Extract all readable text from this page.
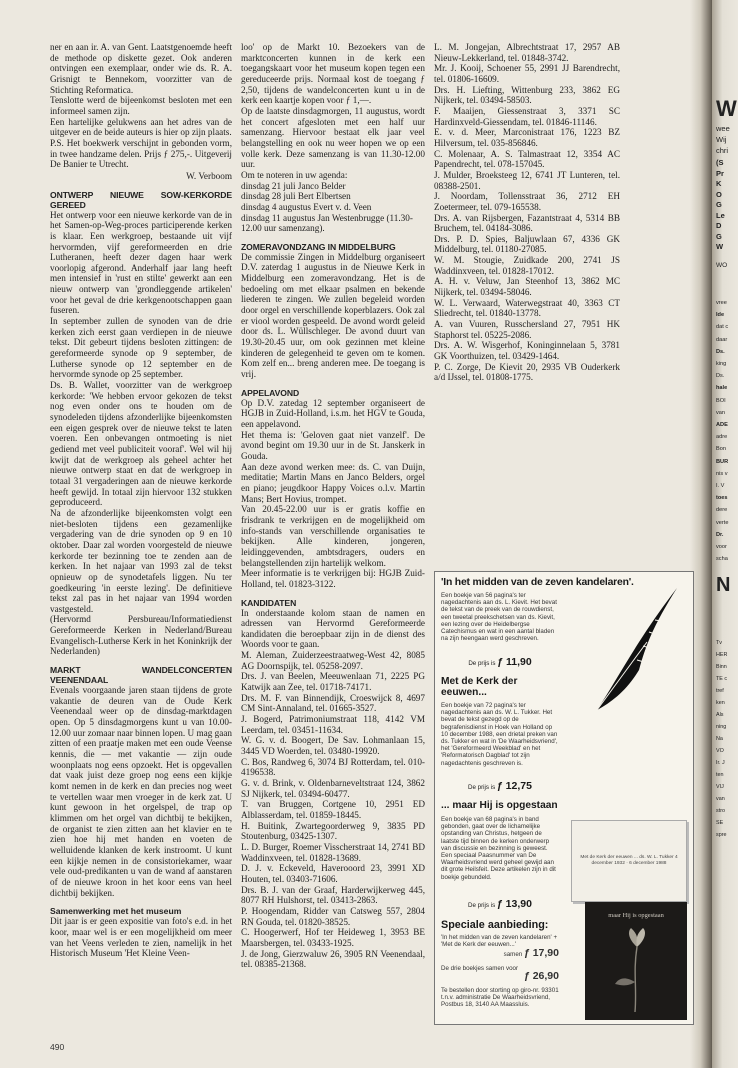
W
wee
Wij
chri
(S
Pr
K
O
G
Le
D
G
W
WO
vree
Ide
dat c
daar
Ds.
king
Ds.
hale
BOI
van
ADE
adre
Bon
BUR
nis v
I. V
toes
dere
verte
Dr.
voor
scha
N
Tv
HER
Binn
TE c
tref
ken
Als
ning
Na
VO
Ir. J
ten
VIJ
van
stro
SE
spre

ner en aan ir. A. van Gent. Laatstgenoemde heeft de methode op diskette gezet. Ook anderen ontvingen een exemplaar, onder wie ds. R. A. Grisnigt te Bennekom, voorzitter van de Stichting Reformatica.

Tenslotte werd de bijeenkomst besloten met een informeel samen zijn.

Een hartelijke gelukwens aan het adres van de uitgever en de beide auteurs is hier op zijn plaats.

P.S. Het boekwerk verschijnt in gebonden vorm, in twee handzame delen. Prijs ƒ 275,-. Uitgeverij De Banier te Utrecht.

W. Verboom

ONTWERP NIEUWE SOW-KERKORDE GEREED

Het ontwerp voor een nieuwe kerkorde van de in het Samen-op-Weg-proces participerende kerken is klaar. Een werkgroep, bestaande uit vijf hervormden, vijf gereformeerden en drie Lutheranen, heeft dezer dagen haar werk voorlopig afgerond. Anderhalf jaar lang heeft men intensief in 'rust en stilte' gewerkt aan een nieuw ontwerp van 'grondleggende artikelen' voor het geval de drie kerkgenootschappen gaan fuseren.

In september zullen de synoden van de drie kerken zich eerst gaan verdiepen in de nieuwe tekst. Dit gebeurt tijdens besloten zittingen: de gereformeerde synode op 9 september, de Lutherse synode op 12 september en de hervormde synode op 25 september.

Ds. B. Wallet, voorzitter van de werkgroep kerkorde: 'We hebben ervoor gekozen de tekst nog even onder ons te houden om de synodeleden tijdens afzonderlijke bijeenkomsten een eigen gesprek over de nieuwe tekst te laten voeren. Een onbevangen ontmoeting is niet gediend met veel publiciteit vooraf'. Wel wil hij kwijt dat de werkgroep als geheel achter het nieuwe ontwerp staat en dat de werkgroep in totaal 31 vergaderingen aan de nieuwe kerkorde heeft gewijd. In totaal zijn hiervoor 132 stukken geproduceerd.

Na de afzonderlijke bijeenkomsten volgt een niet-besloten tijdens een gezamenlijke vergadering van de drie synoden op 9 en 10 oktober. Daar zal worden voorgesteld de nieuwe kerkorde ter bezinning toe te zenden aan de kerken. In het najaar van 1993 zal de tekst opnieuw op de synodetafels liggen. Nu ter goedkeuring 'in eerste lezing'. De definitieve tekst zal pas in het najaar van 1994 worden vastgesteld.

(Hervormd Persbureau/Informatiedienst Gereformeerde Kerken in Nederland/Bureau Evangelisch-Lutherse Kerk in het Koninkrijk der Nederlanden)

MARKT WANDELCONCERTEN VEENENDAAL

Evenals voorgaande jaren staan tijdens de grote vakantie de deuren van de Oude Kerk Veenendaal weer op de dinsdag-marktdagen open. Op 5 dinsdagmorgens kunt u van 10.00-12.00 uur zomaar naar binnen lopen. U mag gaan zitten of een praatje maken met een oude Veense kennis, die — met vakantie — zijn oude woonplaats nog eens opzoekt. Het is opgevallen dat vaak juist deze groep nog eens een kijkje komt nemen in de kerk en dan precies nog weet te vertellen waar men vroeger in de kerk zat. U kunt gewoon in het orgelspel, de trap op klimmen om het orgel van dichtbij te bekijken, de organist te zien zitten aan het klavier en te zien hoe hij met handen en voeten de welluidende klanken de kerk instroomt. U kunt een kijkje nemen in de consistoriekamer, waar vele oud-predikanten u van de wand af aanstaren of de nieuwe kroon in het koor eens van heel dichtbij bekijken.

Samenwerking met het museum

Dit jaar is er geen expositie van foto's e.d. in het koor, maar wel is er een mogelijkheid om meer van het Veens verleden te zien, namelijk in het Historisch Museum 'Het Kleine Veen-

loo' op de Markt 10. Bezoekers van de marktconcerten kunnen in de kerk een toegangskaart voor het museum kopen tegen een gereduceerde prijs. Normaal kost de toegang ƒ 2,50, tijdens de wandelconcerten kunt u in de kerk een kaartje kopen voor ƒ 1,—.

Op de laatste dinsdagmorgen, 11 augustus, wordt het concert afgesloten met een half uur samenzang. Hiervoor bestaat elk jaar veel belangstelling en ook nu weer hopen we op een volle kerk. Deze samenzang is van 11.30-12.00 uur.

Om te noteren in uw agenda:

dinsdag 21 juli Janco Belder

dinsdag 28 juli Bert Elbertsen

dinsdag 4 augustus Evert v. d. Veen

dinsdag 11 augustus Jan Westenbrugge (11.30-12.00 uur samenzang).

ZOMERAVONDZANG IN MIDDELBURG

De commissie Zingen in Middelburg organiseert D.V. zaterdag 1 augustus in de Nieuwe Kerk in Middelburg een zomeravondzang. Het is de bedoeling om met elkaar psalmen en bekende liederen te zingen. We zullen begeleid worden door orgel en verschillende koperblazers. Ook zal er viool worden gespeeld. De avond wordt geleid door ds. L. Wüllschleger. De avond duurt van 19.30-20.45 uur, om ook gezinnen met kleine kinderen de gelegenheid te geven om te komen. Kom zelf en... breng anderen mee. De toegang is vrij.

APPELAVOND

Op D.V. zatedag 12 september organiseert de HGJB in Zuid-Holland, i.s.m. het HGV te Gouda, een appelavond.

Het thema is: 'Geloven gaat niet vanzelf'. De avond begint om 19.30 uur in de St. Janskerk in Gouda.

Aan deze avond werken mee: ds. C. van Duijn, meditatie; Martin Mans en Janco Belders, orgel en piano; jeugdkoor Happy Voices o.l.v. Martin Mans; Bert Hovius, trompet.

Van 20.45-22.00 uur is er gratis koffie en frisdrank te verkrijgen en de mogelijkheid om info-stands van verschillende organisaties te bekijken. Alle kinderen, jongeren, leidinggevenden, ambtsdragers, ouders en belangstellenden zijn hartelijk welkom.

Meer informatie is te verkrijgen bij: HGJB Zuid-Holland, tel. 01823-3122.

KANDIDATEN

In onderstaande kolom staan de namen en adressen van Hervormd Gereformeerde kandidaten die beroepbaar zijn in de dienst des Woords voor te gaan.

M. Aleman, Zuiderzeestraatweg-West 42, 8085 AG Doornspijk, tel. 05258-2097.

Drs. J. van Beelen, Meeuwenlaan 71, 2225 PG Katwijk aan Zee, tel. 01718-74171.

Drs. M. F. van Binnendijk, Croeswijck 8, 4697 CM Sint-Annaland, tel. 01665-3527.

J. Bogerd, Patrimoniumstraat 118, 4142 VM Leerdam, tel. 03451-11634.

W. G. v. d. Boogert, De Sav. Lohmanlaan 15, 3445 VD Woerden, tel. 03480-19920.

C. Bos, Randweg 6, 3074 BJ Rotterdam, tel. 010-4196538.

G. v. d. Brink, v. Oldenbarneveltstraat 124, 3862 SJ Nijkerk, tel. 03494-60477.

T. van Bruggen, Cortgene 10, 2951 ED Alblasserdam, tel. 01859-18445.

H. Buitink, Zwartegoorderweg 9, 3835 PD Stoutenburg, 03425-1307.

L. D. Burger, Roemer Visscherstraat 14, 2741 BD Waddinxveen, tel. 01828-13689.

D. J. v. Eckeveld, Haverooord 23, 3991 XD Houten, tel. 03403-71606.

Drs. B. J. van der Graaf, Harderwijkerweg 445, 8077 RH Hulshorst, tel. 03413-2863.

P. Hoogendam, Ridder van Catsweg 557, 2804 RN Gouda, tel. 01820-38525.

C. Hoogerwerf, Hof ter Heideweg 1, 3953 BE Maarsbergen, tel. 03433-1925.

J. de Jong, Gierzwaluw 26, 3905 RN Veenendaal, tel. 08385-21368.

L. M. Jongejan, Albrechtstraat 17, 2957 AB Nieuw-Lekkerland, tel. 01848-3742.

Mr. J. Kooij, Schoener 55, 2991 JJ Barendrecht, tel. 01806-16609.

Drs. H. Liefting, Wittenburg 233, 3862 EG Nijkerk, tel. 03494-58503.

F. Maaijen, Giessenstraat 3, 3371 SC Hardinxveld-Giessendam, tel. 01846-11146.

E. v. d. Meer, Marconistraat 176, 1223 BZ Hilversum, tel. 035-856846.

C. Molenaar, A. S. Talmastraat 12, 3354 AC Papendrecht, tel. 078-157045.

J. Mulder, Broeksteeg 12, 6741 JT Lunteren, tel. 08388-2501.

J. Noordam, Tollensstraat 36, 2712 EH Zoetermeer, tel. 079-165538.

Drs. A. van Rijsbergen, Fazantstraat 4, 5314 BB Bruchem, tel. 04184-3086.

Drs. P. D. Spies, Baljuwlaan 67, 4336 GK Middelburg, tel. 01180-27085.

W. M. Stougie, Zuidkade 200, 2741 JS Waddinxveen, tel. 01828-17012.

A. H. v. Veluw, Jan Steenhof 13, 3862 MC Nijkerk, tel. 03494-58046.

W. L. Verwaard, Waterwegstraat 40, 3363 CT Sliedrecht, tel. 01840-13778.

A. van Vuuren, Russchersland 27, 7951 HK Staphorst tel. 05225-2086.

Drs. A. W. Wisgerhof, Koninginnelaan 5, 3781 GK Voorthuizen, tel. 03429-1464.

P. C. Zorge, De Kievit 20, 2935 VB Ouderkerk a/d IJssel, tel. 01808-1775.

'In het midden van de zeven kandelaren'.
Een boekje van 56 pagina's ter nagedachtenis aan ds. L. Kievit. Het bevat de tekst van de preek van de rouwdienst, een tweetal preekschetsen van ds. Kievit, een lezing over de Heidelbergse Catechismus en wat in een aantal bladen na zijn heengaan werd geschreven.
De prijs is ƒ 11,90
Met de Kerk der eeuwen...
Een boekje van 72 pagina's ter nagedachtenis aan ds. W. L. Tukker. Het bevat de tekst gezegd op de begrafenisdienst in Hoek van Holland op 10 december 1988, een drietal preken van ds. Tukker en wat in 'De Waarheidsvriend', het 'Gereformeerd Weekblad' en het 'Reformatorisch Dagblad' tot zijn nagedachtenis geschreven is.
De prijs is ƒ 12,75
... maar Hij is opgestaan
Een boekje van 68 pagina's in band gebonden, gaat over de lichamelijke opstanding van Christus, hetgeen de laatste tijd binnen de kerken onderwerp van discussie en bezinning is geweest. Een speciaal Paasnummer van De Waarheidsvriend werd geheel gewijd aan dit grote Heilsfeit. Deze artikelen zijn in dit boekje gebundeld.
De prijs is ƒ 13,90
Speciale aanbieding:
'In het midden van de zeven kandelaren' + 'Met de Kerk der eeuwen...'
samen ƒ 17,90
De drie boekjes samen voor
ƒ 26,90
Te bestellen door storting op giro-nr. 93301 t.n.v. administratie De Waarheidsvriend, Postbus 18, 3140 AA Maassluis.
Met de Kerk der eeuwen ... ds. W. L. Tukker 4 december 1932 · 6 december 1988
maar Hij is opgestaan
490
